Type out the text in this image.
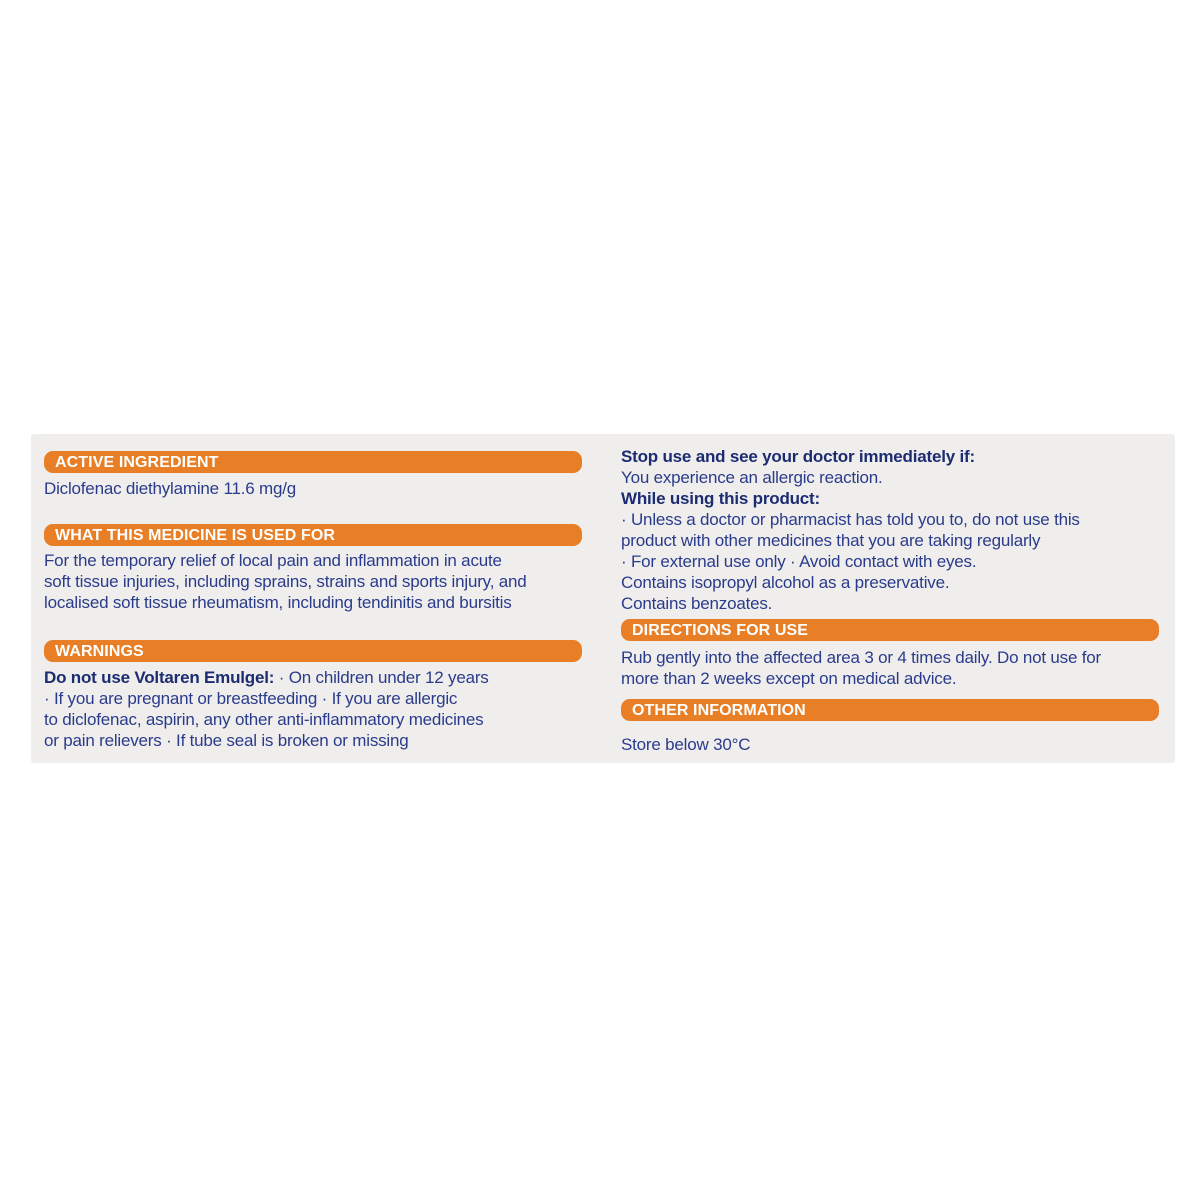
ACTIVE INGREDIENT
Diclofenac diethylamine 11.6 mg/g
WHAT THIS MEDICINE IS USED FOR
For the temporary relief of local pain and inflammation in acute
soft tissue injuries, including sprains, strains and sports injury, and
localised soft tissue rheumatism, including tendinitis and bursitis
WARNINGS
Do not use Voltaren Emulgel: · On children under 12 years
· If you are pregnant or breastfeeding · If you are allergic
to diclofenac, aspirin, any other anti-inflammatory medicines
or pain relievers · If tube seal is broken or missing
Stop use and see your doctor immediately if:
You experience an allergic reaction.
While using this product:
· Unless a doctor or pharmacist has told you to, do not use this
product with other medicines that you are taking regularly
· For external use only · Avoid contact with eyes.
Contains isopropyl alcohol as a preservative.
Contains benzoates.
DIRECTIONS FOR USE
Rub gently into the affected area 3 or 4 times daily. Do not use for
more than 2 weeks except on medical advice.
OTHER INFORMATION
Store below 30°C
